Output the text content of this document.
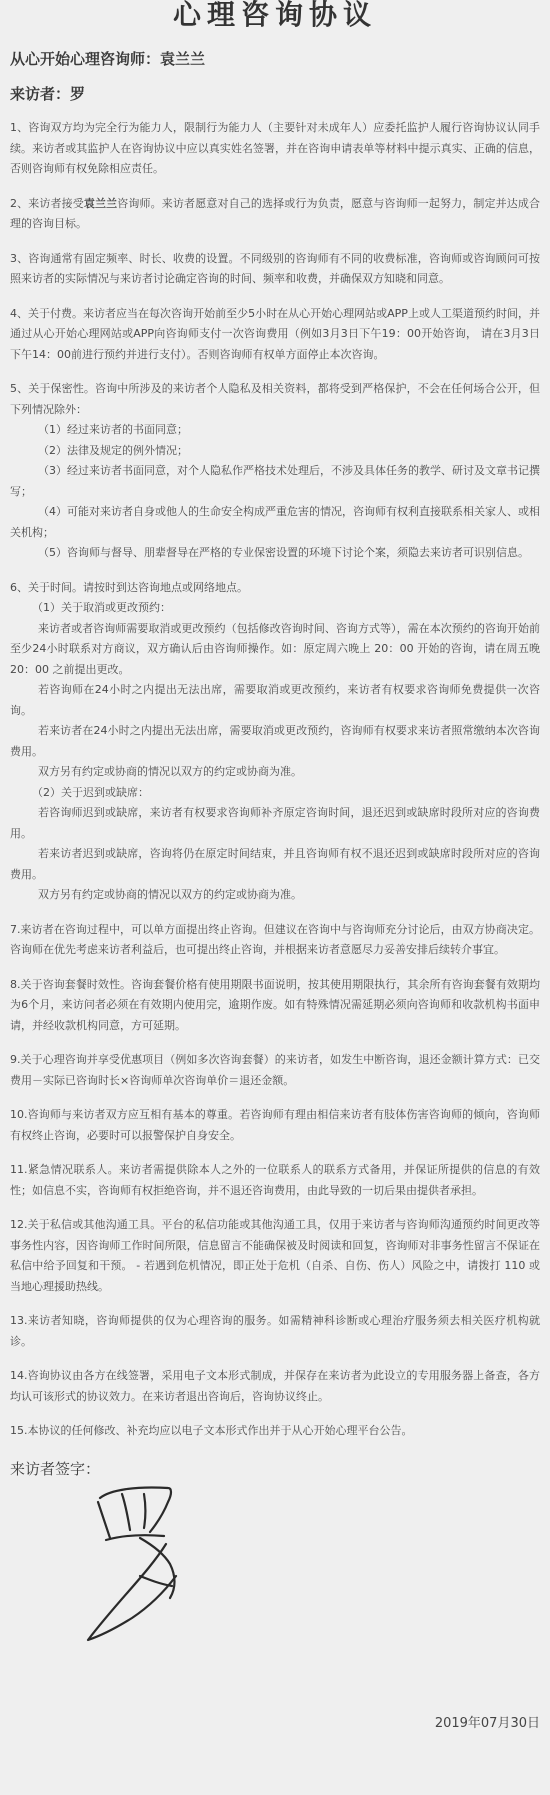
心理咨询协议
从心开始心理咨询师：袁兰兰
来访者：罗

1、咨询双方均为完全行为能力人，限制行为能力人（主要针对未成年人）应委托监护人履行咨询协议认同手续。来访者或其监护人在咨询协议中应以真实姓名签署，并在咨询申请表单等材料中提示真实、正确的信息，否则咨询师有权免除相应责任。

2、来访者接受袁兰兰咨询师。来访者愿意对自己的选择或行为负责，愿意与咨询师一起努力，制定并达成合理的咨询目标。

3、咨询通常有固定频率、时长、收费的设置。不同级别的咨询师有不同的收费标准，咨询师或咨询顾问可按照来访者的实际情况与来访者讨论确定咨询的时间、频率和收费，并确保双方知晓和同意。

4、关于付费。来访者应当在每次咨询开始前至少5小时在从心开始心理网站或APP上或人工渠道预约时间，并通过从心开始心理网站或APP向咨询师支付一次咨询费用（例如3月3日下午19：00开始咨询， 请在3月3日下午14：00前进行预约并进行支付）。否则咨询师有权单方面停止本次咨询。

5、关于保密性。咨询中所涉及的来访者个人隐私及相关资料，都将受到严格保护，不会在任何场合公开，但下列情况除外：
（1）经过来访者的书面同意；
（2）法律及规定的例外情况；
（3）经过来访者书面同意，对个人隐私作严格技术处理后，不涉及具体任务的教学、研讨及文章书记撰写；
（4）可能对来访者自身或他人的生命安全构成严重危害的情况，咨询师有权利直接联系相关家人、或相关机构；
（5）咨询师与督导、朋辈督导在严格的专业保密设置的环境下讨论个案，须隐去来访者可识别信息。
6、关于时间。请按时到达咨询地点或网络地点。
（1）关于取消或更改预约：
来访者或者咨询师需要取消或更改预约（包括修改咨询时间、咨询方式等），需在本次预约的咨询开始前至少24小时联系对方商议，双方确认后由咨询师操作。如：原定周六晚上 20：00 开始的咨询，请在周五晚 20：00 之前提出更改。
若咨询师在24小时之内提出无法出席，需要取消或更改预约，来访者有权要求咨询师免费提供一次咨询。
若来访者在24小时之内提出无法出席，需要取消或更改预约，咨询师有权要求来访者照常缴纳本次咨询费用。
双方另有约定或协商的情况以双方的约定或协商为准。
（2）关于迟到或缺席：
若咨询师迟到或缺席，来访者有权要求咨询师补齐原定咨询时间，退还迟到或缺席时段所对应的咨询费用。
若来访者迟到或缺席，咨询将仍在原定时间结束，并且咨询师有权不退还迟到或缺席时段所对应的咨询费用。
双方另有约定或协商的情况以双方的约定或协商为准。

7.来访者在咨询过程中，可以单方面提出终止咨询。但建议在咨询中与咨询师充分讨论后，由双方协商决定。咨询师在优先考虑来访者利益后，也可提出终止咨询，并根据来访者意愿尽力妥善安排后续转介事宜。

8.关于咨询套餐时效性。咨询套餐价格有使用期限书面说明，按其使用期限执行，其余所有咨询套餐有效期均为6个月，来访问者必须在有效期内使用完，逾期作废。如有特殊情况需延期必须向咨询师和收款机构书面申请，并经收款机构同意，方可延期。

9.关于心理咨询并享受优惠项目（例如多次咨询套餐）的来访者，如发生中断咨询，退还金额计算方式：已交费用－实际已咨询时长×咨询师单次咨询单价＝退还金额。

10.咨询师与来访者双方应互相有基本的尊重。若咨询师有理由相信来访者有肢体伤害咨询师的倾向，咨询师有权终止咨询，必要时可以报警保护自身安全。

11.紧急情况联系人。来访者需提供除本人之外的一位联系人的联系方式备用，并保证所提供的信息的有效性；如信息不实，咨询师有权拒绝咨询，并不退还咨询费用，由此导致的一切后果由提供者承担。

12.关于私信或其他沟通工具。平台的私信功能或其他沟通工具，仅用于来访者与咨询师沟通预约时间更改等事务性内容，因咨询师工作时间所限，信息留言不能确保被及时阅读和回复，咨询师对非事务性留言不保证在私信中给予回复和干预。 - 若遇到危机情况，即正处于危机（自杀、自伤、伤人）风险之中，请拨打 110 或当地心理援助热线。

13.来访者知晓，咨询师提供的仅为心理咨询的服务。如需精神科诊断或心理治疗服务须去相关医疗机构就诊。

14.咨询协议由各方在线签署，采用电子文本形式制成，并保存在来访者为此设立的专用服务器上备查，各方均认可该形式的协议效力。在来访者退出咨询后，咨询协议终止。

15.本协议的任何修改、补充均应以电子文本形式作出并于从心开始心理平台公告。

来访者签字：
2019年07月30日
